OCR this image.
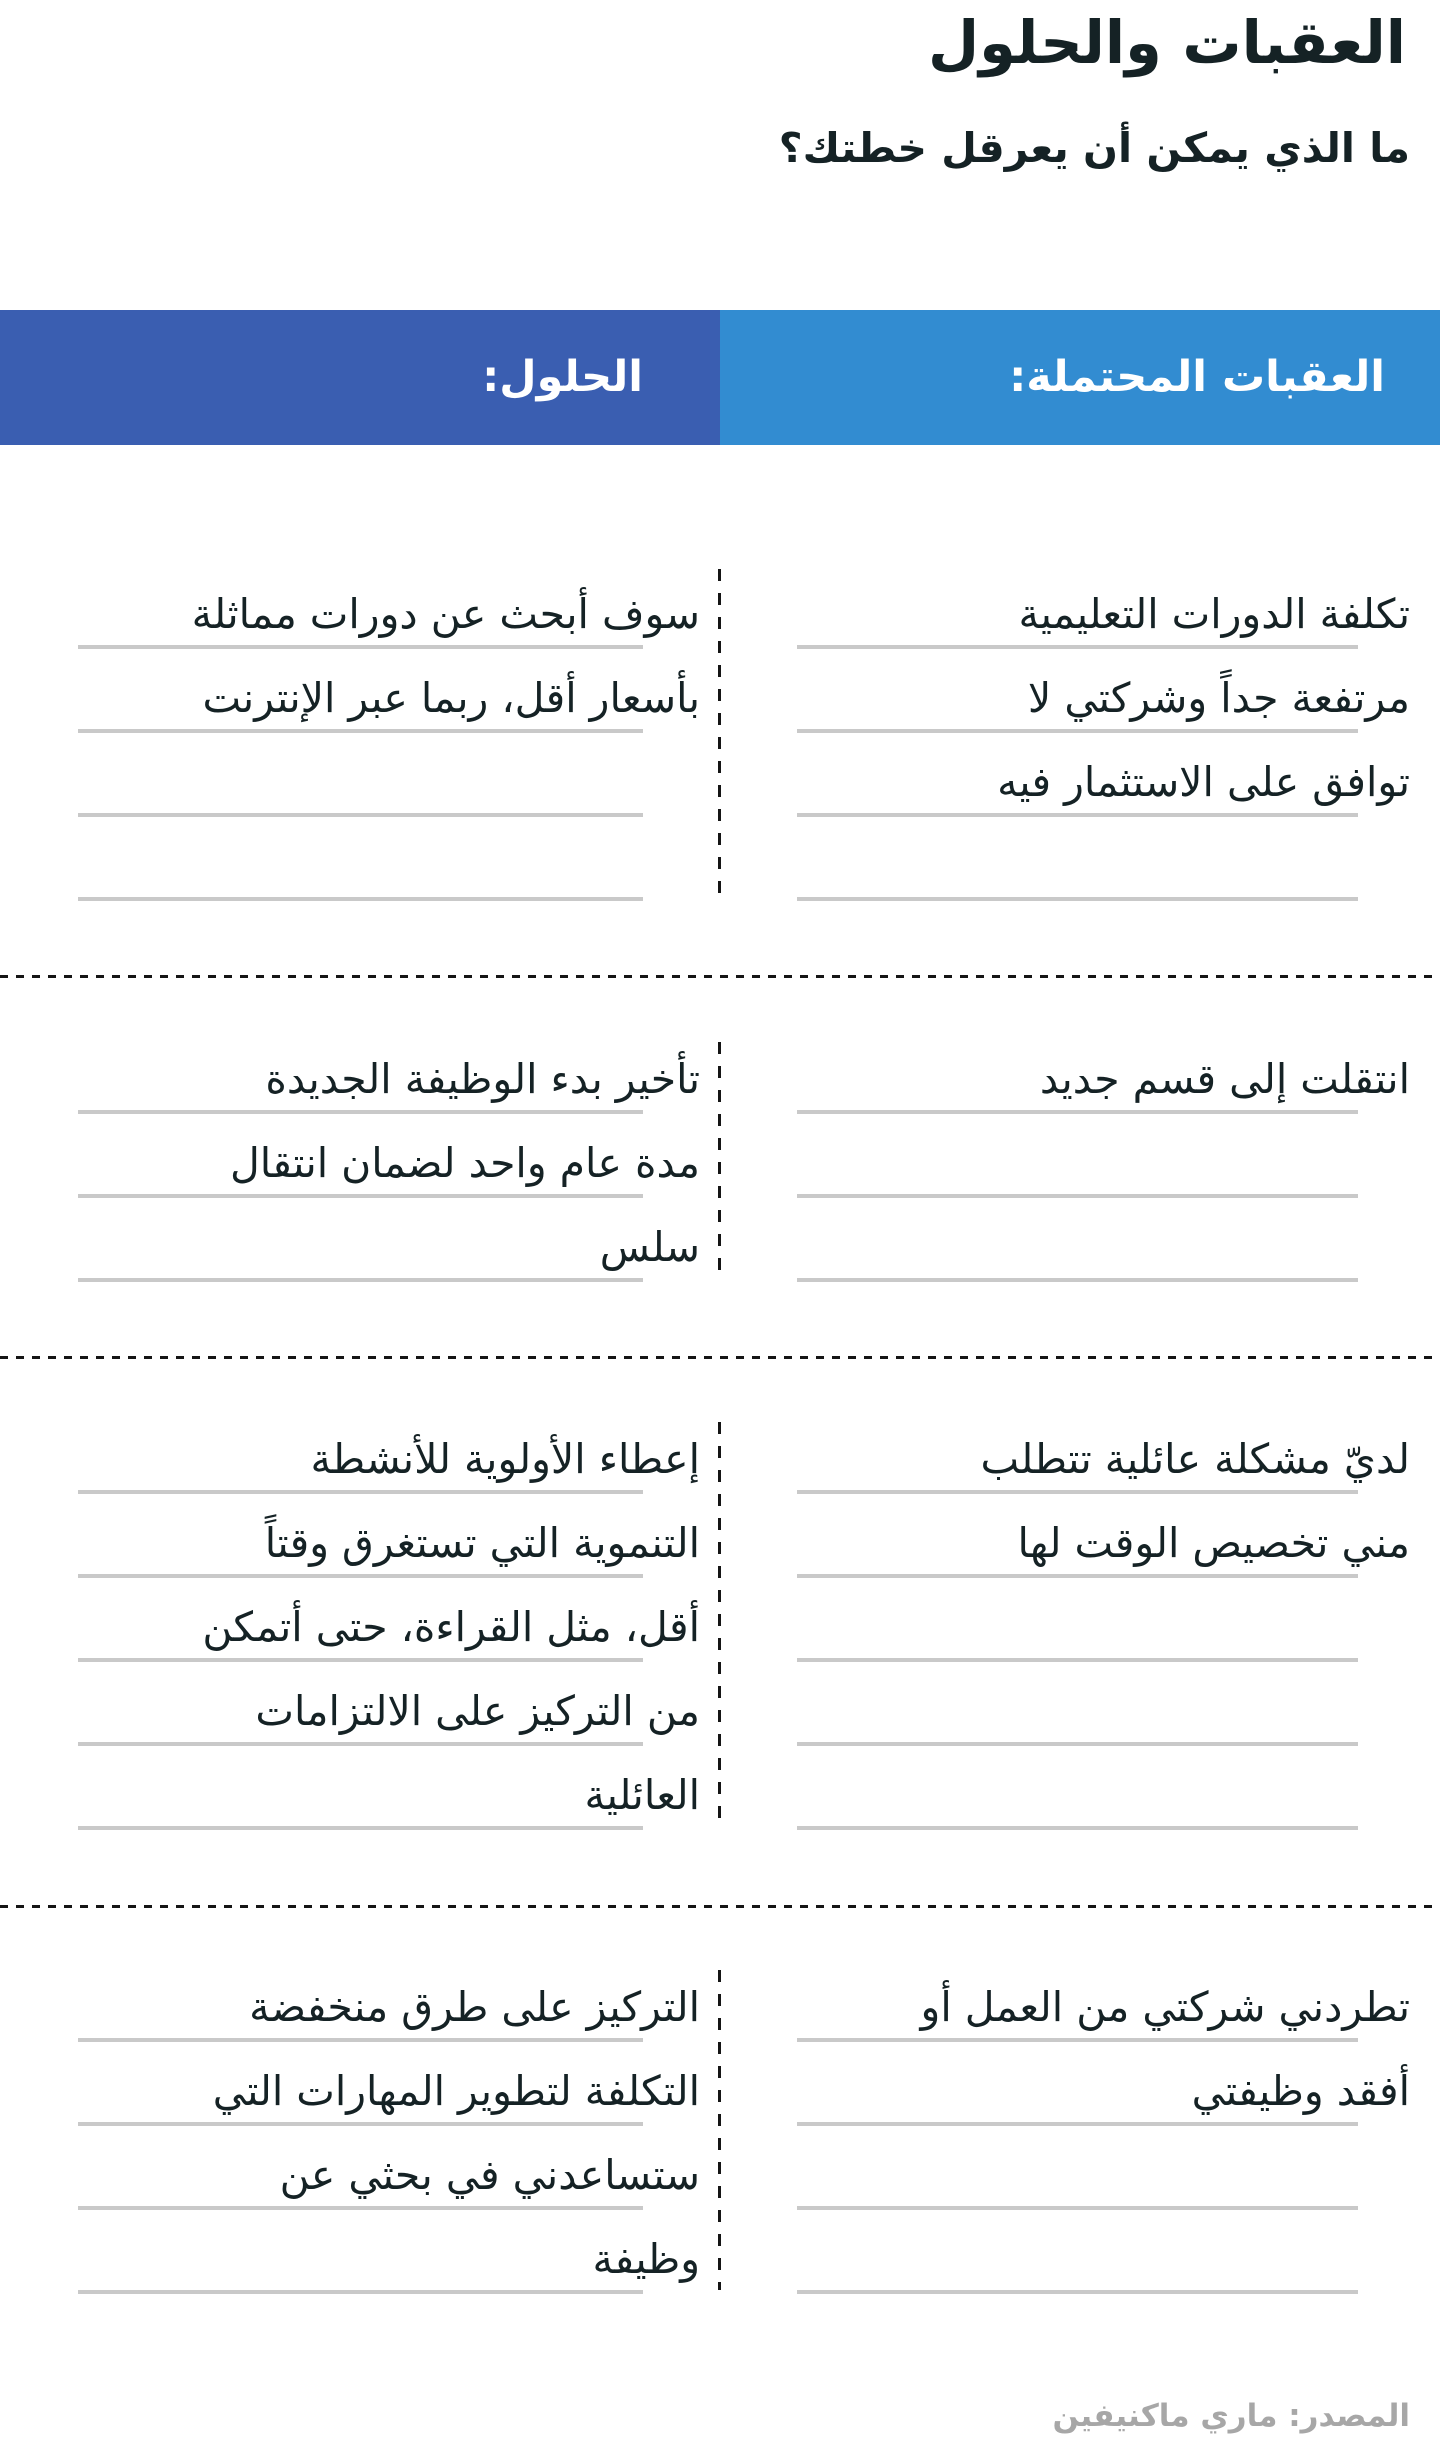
العقبات والحلول
ما الذي يمكن أن يعرقل خطتك؟
العقبات المحتملة:
الحلول:
تكلفة الدورات التعليمية
مرتفعة جداً وشركتي لا
توافق على الاستثمار فيه
سوف أبحث عن دورات مماثلة
بأسعار أقل، ربما عبر الإنترنت
انتقلت إلى قسم جديد
تأخير بدء الوظيفة الجديدة
مدة عام واحد لضمان انتقال
سلس
لديّ مشكلة عائلية تتطلب
مني تخصيص الوقت لها
إعطاء الأولوية للأنشطة
التنموية التي تستغرق وقتاً
أقل، مثل القراءة، حتى أتمكن
من التركيز على الالتزامات
العائلية
تطردني شركتي من العمل أو
أفقد وظيفتي
التركيز على طرق منخفضة
التكلفة لتطوير المهارات التي
ستساعدني في بحثي عن
وظيفة
المصدر: ماري ماكنيفين
